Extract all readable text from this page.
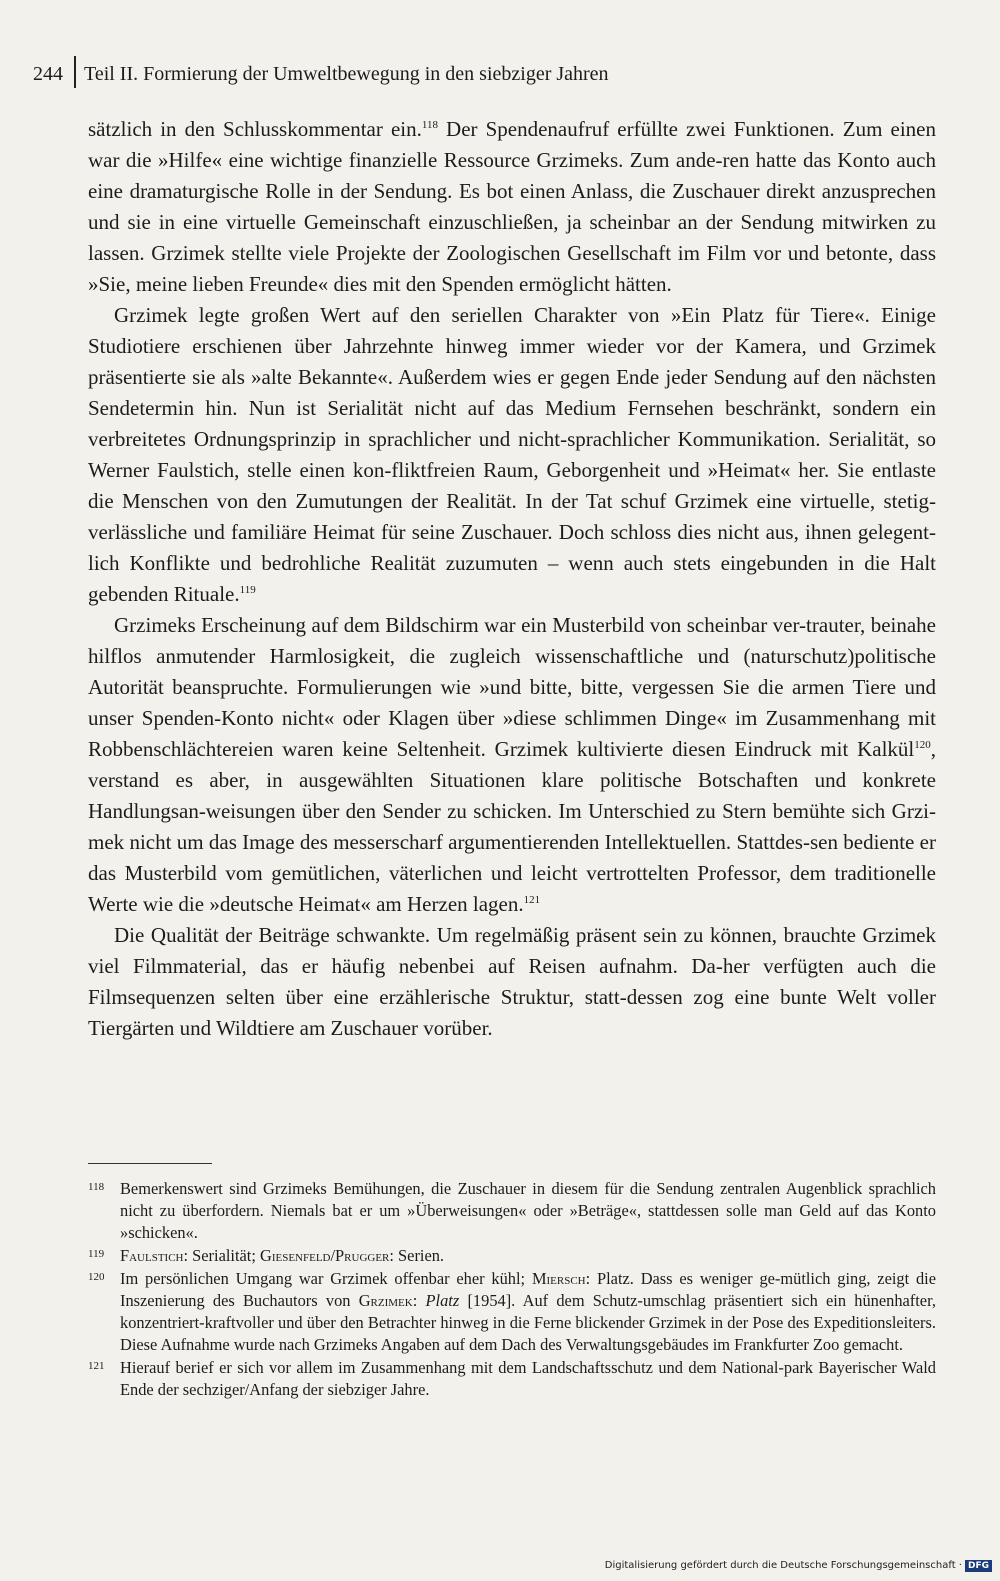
244 Teil II. Formierung der Umweltbewegung in den siebziger Jahren

sätzlich in den Schlusskommentar ein.$^{118}$ Der Spendenaufruf erfüllte zwei Funktionen. Zum einen war die »Hilfe« eine wichtige finanzielle Ressource Grzimeks. Zum ande-ren hatte das Konto auch eine dramaturgische Rolle in der Sendung. Es bot einen Anlass, die Zuschauer direkt anzusprechen und sie in eine virtuelle Gemeinschaft einzuschließen, ja scheinbar an der Sendung mitwirken zu lassen. Grzimek stellte viele Projekte der Zoologischen Gesellschaft im Film vor und betonte, dass »Sie, meine lieben Freunde« dies mit den Spenden ermöglicht hätten.

Grzimek legte großen Wert auf den seriellen Charakter von »Ein Platz für Tiere«. Einige Studiotiere erschienen über Jahrzehnte hinweg immer wieder vor der Kamera, und Grzimek präsentierte sie als »alte Bekannte«. Außerdem wies er gegen Ende jeder Sendung auf den nächsten Sendetermin hin. Nun ist Serialität nicht auf das Medium Fernsehen beschränkt, sondern ein verbreitetes Ordnungsprinzip in sprachlicher und nicht-sprachlicher Kommunikation. Serialität, so Werner Faulstich, stelle einen kon-fliktfreien Raum, Geborgenheit und »Heimat« her. Sie entlaste die Menschen von den Zumutungen der Realität. In der Tat schuf Grzimek eine virtuelle, stetig-verlässliche und familiäre Heimat für seine Zuschauer. Doch schloss dies nicht aus, ihnen gelegent-lich Konflikte und bedrohliche Realität zuzumuten – wenn auch stets eingebunden in die Halt gebenden Rituale.$^{119}$

Grzimeks Erscheinung auf dem Bildschirm war ein Musterbild von scheinbar ver-trauter, beinahe hilflos anmutender Harmlosigkeit, die zugleich wissenschaftliche und (naturschutz)politische Autorität beanspruchte. Formulierungen wie »und bitte, bitte, vergessen Sie die armen Tiere und unser Spenden-Konto nicht« oder Klagen über »diese schlimmen Dinge« im Zusammenhang mit Robbenschlächtereien waren keine Seltenheit. Grzimek kultivierte diesen Eindruck mit Kalkül$^{120}$, verstand es aber, in ausgewählten Situationen klare politische Botschaften und konkrete Handlungsan-weisungen über den Sender zu schicken. Im Unterschied zu Stern bemühte sich Grzi-mek nicht um das Image des messerscharf argumentierenden Intellektuellen. Stattdes-sen bediente er das Musterbild vom gemütlichen, väterlichen und leicht vertrottelten Professor, dem traditionelle Werte wie die »deutsche Heimat« am Herzen lagen.$^{121}$

Die Qualität der Beiträge schwankte. Um regelmäßig präsent sein zu können, brauchte Grzimek viel Filmmaterial, das er häufig nebenbei auf Reisen aufnahm. Da-her verfügten auch die Filmsequenzen selten über eine erzählerische Struktur, statt-dessen zog eine bunte Welt voller Tiergärten und Wildtiere am Zuschauer vorüber.

118 Bemerkenswert sind Grzimeks Bemühungen, die Zuschauer in diesem für die Sendung zentralen Augenblick sprachlich nicht zu überfordern. Niemals bat er um »Überweisungen« oder »Beträge«, stattdessen solle man Geld auf das Konto »schicken«.
119 Faulstich: Serialität; Giesenfeld/Prugger: Serien.
120 Im persönlichen Umgang war Grzimek offenbar eher kühl; Miersch: Platz. Dass es weniger ge-mütlich ging, zeigt die Inszenierung des Buchautors von Grzimek: Platz [1954]. Auf dem Schutz-umschlag präsentiert sich ein hünenhafter, konzentriert-kraftvoller und über den Betrachter hinweg in die Ferne blickender Grzimek in der Pose des Expeditionsleiters. Diese Aufnahme wurde nach Grzimeks Angaben auf dem Dach des Verwaltungsgebäudes im Frankfurter Zoo gemacht.
121 Hierauf berief er sich vor allem im Zusammenhang mit dem Landschaftsschutz und dem National-park Bayerischer Wald Ende der sechziger/Anfang der siebziger Jahre.
Digitalisierung gefördert durch die Deutsche Forschungsgemeinschaft · DFG
